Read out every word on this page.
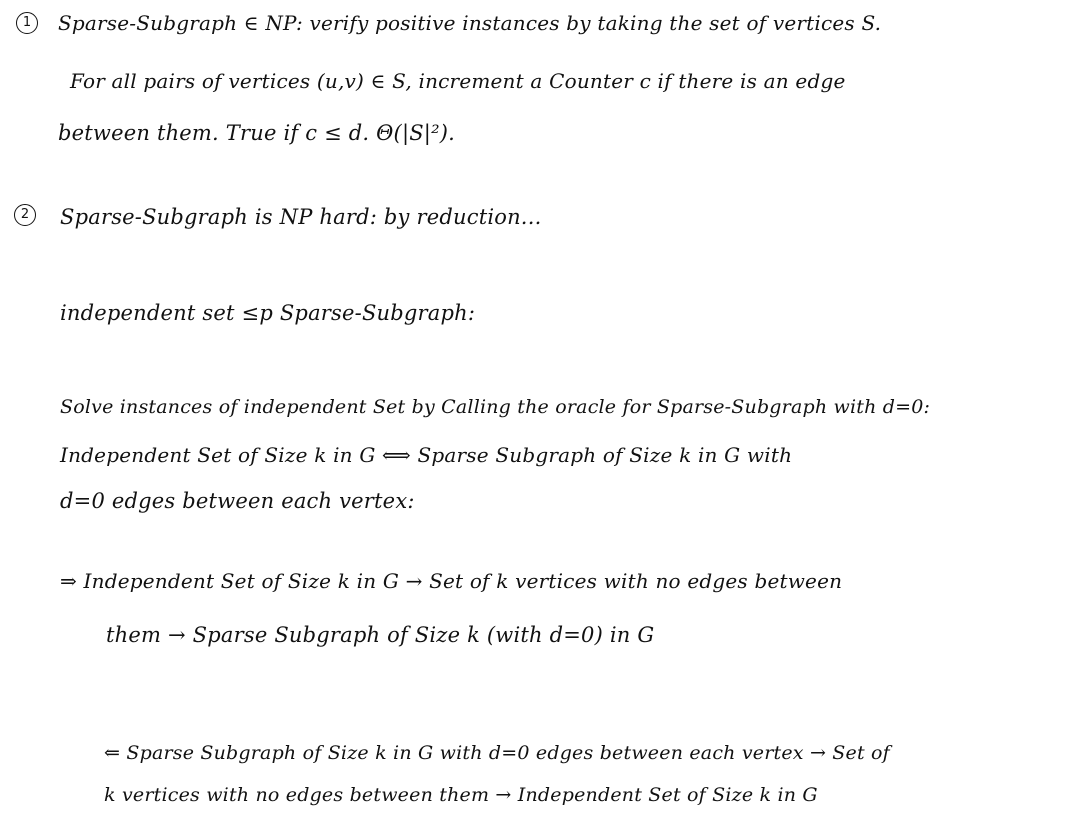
1	Sparse-Subgraph ∈ NP: verify positive instances by taking the set of vertices S.
For all pairs of vertices (u,v) ∈ S, increment a Counter c if there is an edge
between them. True if c ≤ d. Θ(|S|²).
2	Sparse-Subgraph is NP hard: by reduction...
independent set ≤p Sparse-Subgraph:
Solve instances of independent Set by Calling the oracle for Sparse-Subgraph with d=0:
Independent Set of Size k in G ⟺ Sparse Subgraph of Size k in G with
d=0 edges between each vertex:
⇒ Independent Set of Size k in G → Set of k vertices with no edges between
them → Sparse Subgraph of Size k (with d=0) in G
⇐ Sparse Subgraph of Size k in G with d=0 edges between each vertex → Set of
k vertices with no edges between them → Independent Set of Size k in G
